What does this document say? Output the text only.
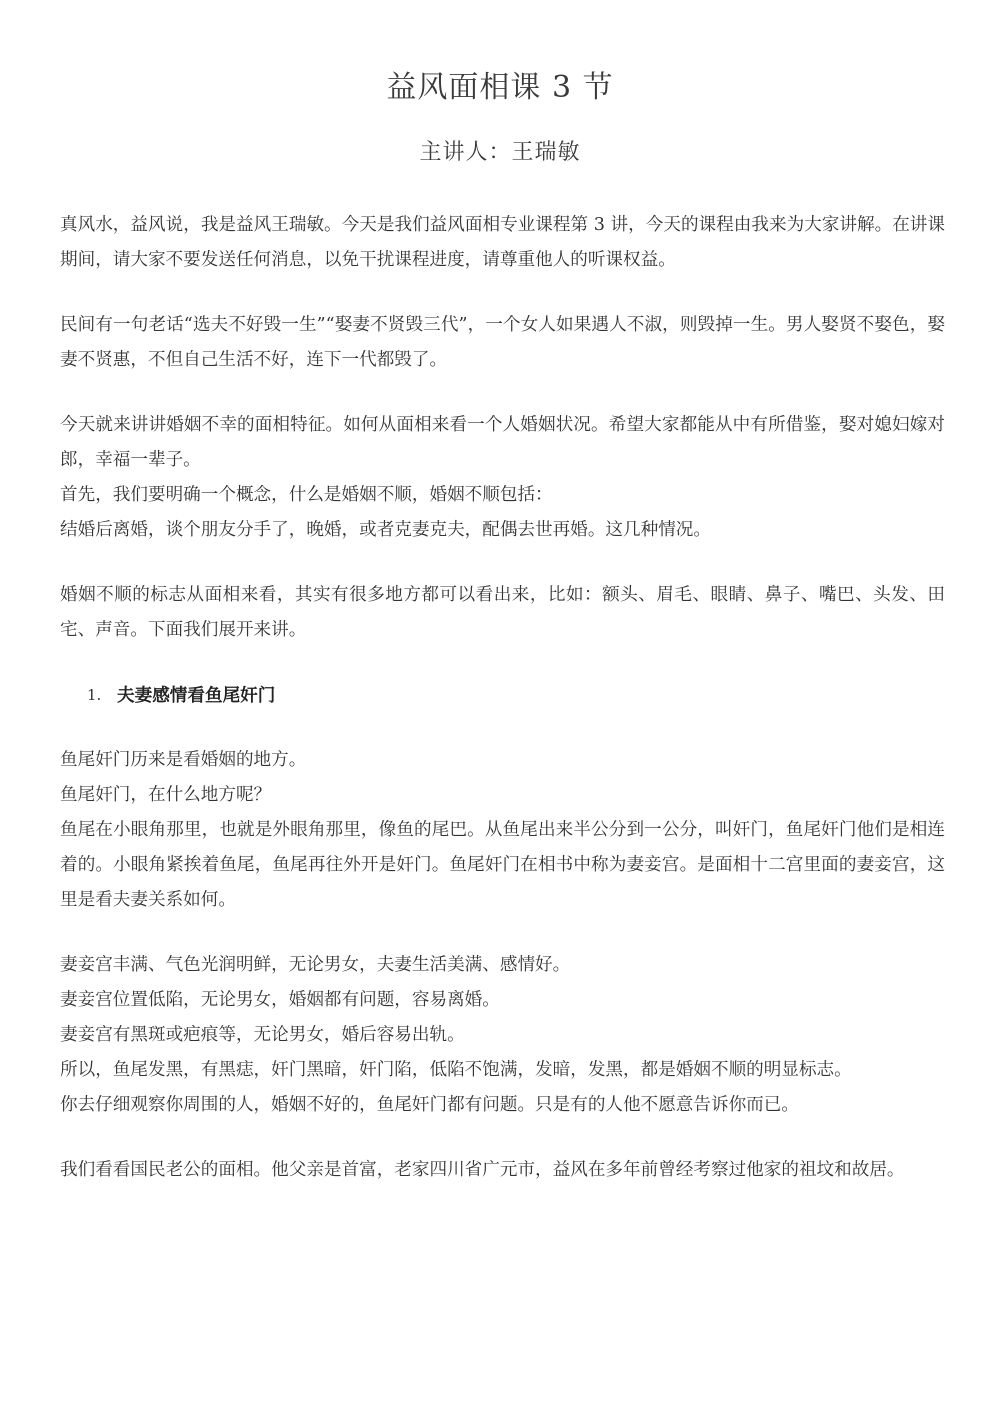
益风面相课 3 节
主讲人：王瑞敏

真风水，益风说，我是益风王瑞敏。今天是我们益风面相专业课程第 3 讲，今天的课程由我来为大家讲解。在讲课期间，请大家不要发送任何消息，以免干扰课程进度，请尊重他人的听课权益。

民间有一句老话“选夫不好毁一生”“娶妻不贤毁三代”，一个女人如果遇人不淑，则毁掉一生。男人娶贤不娶色，娶妻不贤惠，不但自己生活不好，连下一代都毁了。

今天就来讲讲婚姻不幸的面相特征。如何从面相来看一个人婚姻状况。希望大家都能从中有所借鉴，娶对媳妇嫁对郎，幸福一辈子。
首先，我们要明确一个概念，什么是婚姻不顺，婚姻不顺包括：
结婚后离婚，谈个朋友分手了，晚婚，或者克妻克夫，配偶去世再婚。这几种情况。

婚姻不顺的标志从面相来看，其实有很多地方都可以看出来，比如：额头、眉毛、眼睛、鼻子、嘴巴、头发、田宅、声音。下面我们展开来讲。

1. 夫妻感情看鱼尾奸门

鱼尾奸门历来是看婚姻的地方。
鱼尾奸门，在什么地方呢？
鱼尾在小眼角那里，也就是外眼角那里，像鱼的尾巴。从鱼尾出来半公分到一公分，叫奸门，鱼尾奸门他们是相连着的。小眼角紧挨着鱼尾，鱼尾再往外开是奸门。鱼尾奸门在相书中称为妻妾宫。是面相十二宫里面的妻妾宫，这里是看夫妻关系如何。

妻妾宫丰满、气色光润明鲜，无论男女，夫妻生活美满、感情好。
妻妾宫位置低陷，无论男女，婚姻都有问题，容易离婚。
妻妾宫有黑斑或疤痕等，无论男女，婚后容易出轨。
所以，鱼尾发黑，有黑痣，奸门黑暗，奸门陷，低陷不饱满，发暗，发黑，都是婚姻不顺的明显标志。
你去仔细观察你周围的人，婚姻不好的，鱼尾奸门都有问题。只是有的人他不愿意告诉你而已。

我们看看国民老公的面相。他父亲是首富，老家四川省广元市，益风在多年前曾经考察过他家的祖坟和故居。
